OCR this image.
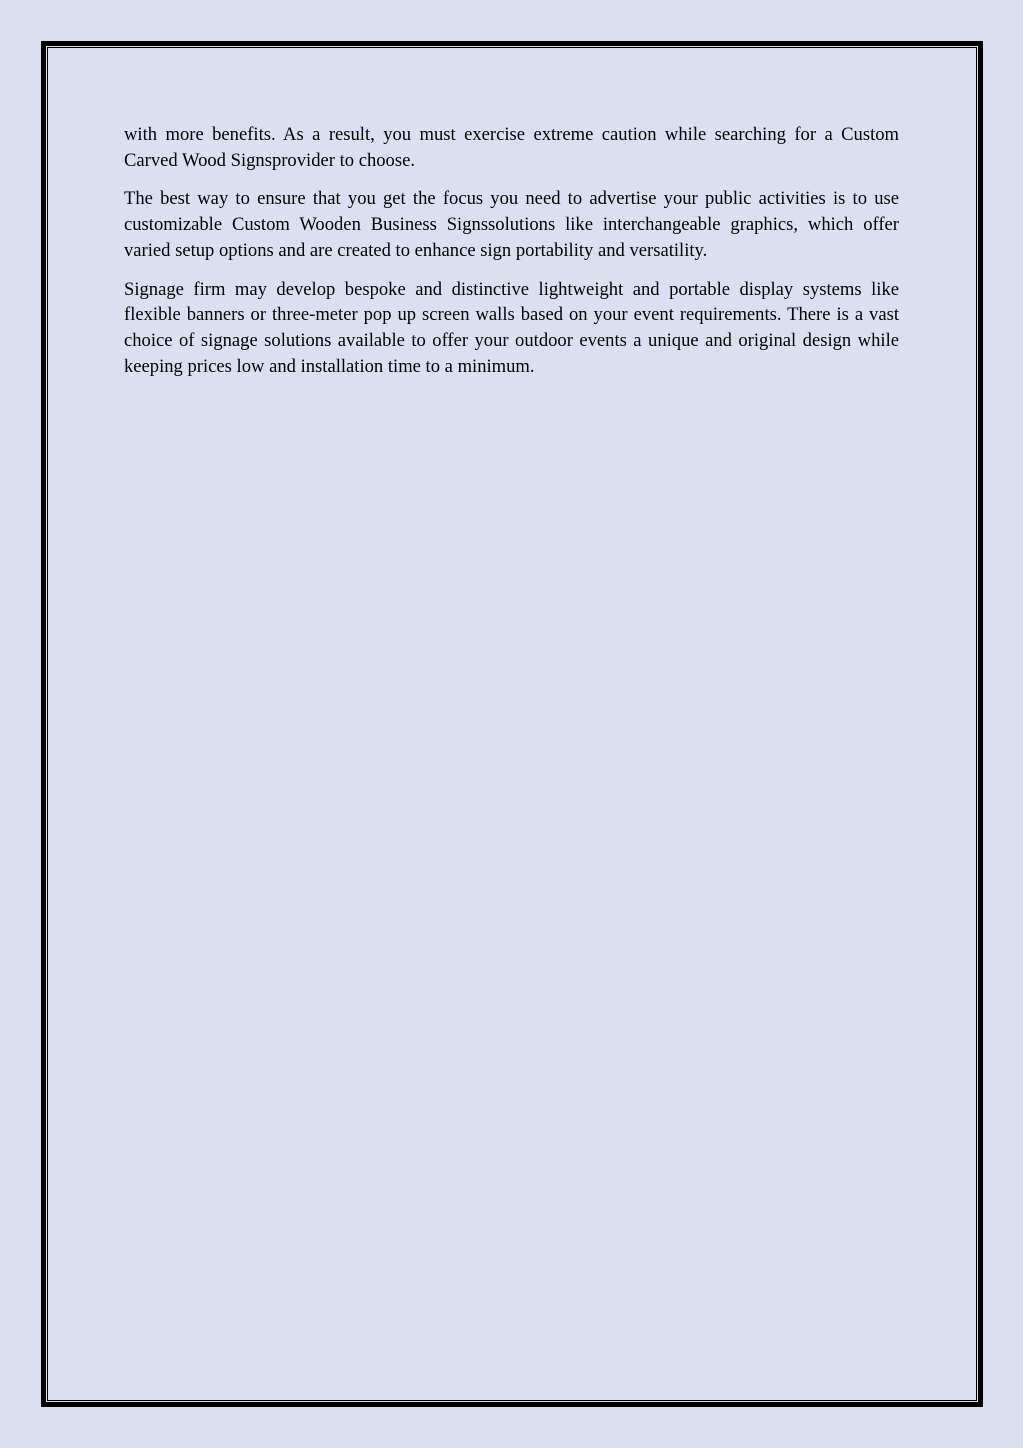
with more benefits. As a result, you must exercise extreme caution while searching for a Custom Carved Wood Signsprovider to choose.

The best way to ensure that you get the focus you need to advertise your public activities is to use customizable Custom Wooden Business Signssolutions like interchangeable graphics, which offer varied setup options and are created to enhance sign portability and versatility.

Signage firm may develop bespoke and distinctive lightweight and portable display systems like flexible banners or three-meter pop up screen walls based on your event requirements. There is a vast choice of signage solutions available to offer your outdoor events a unique and original design while keeping prices low and installation time to a minimum.
